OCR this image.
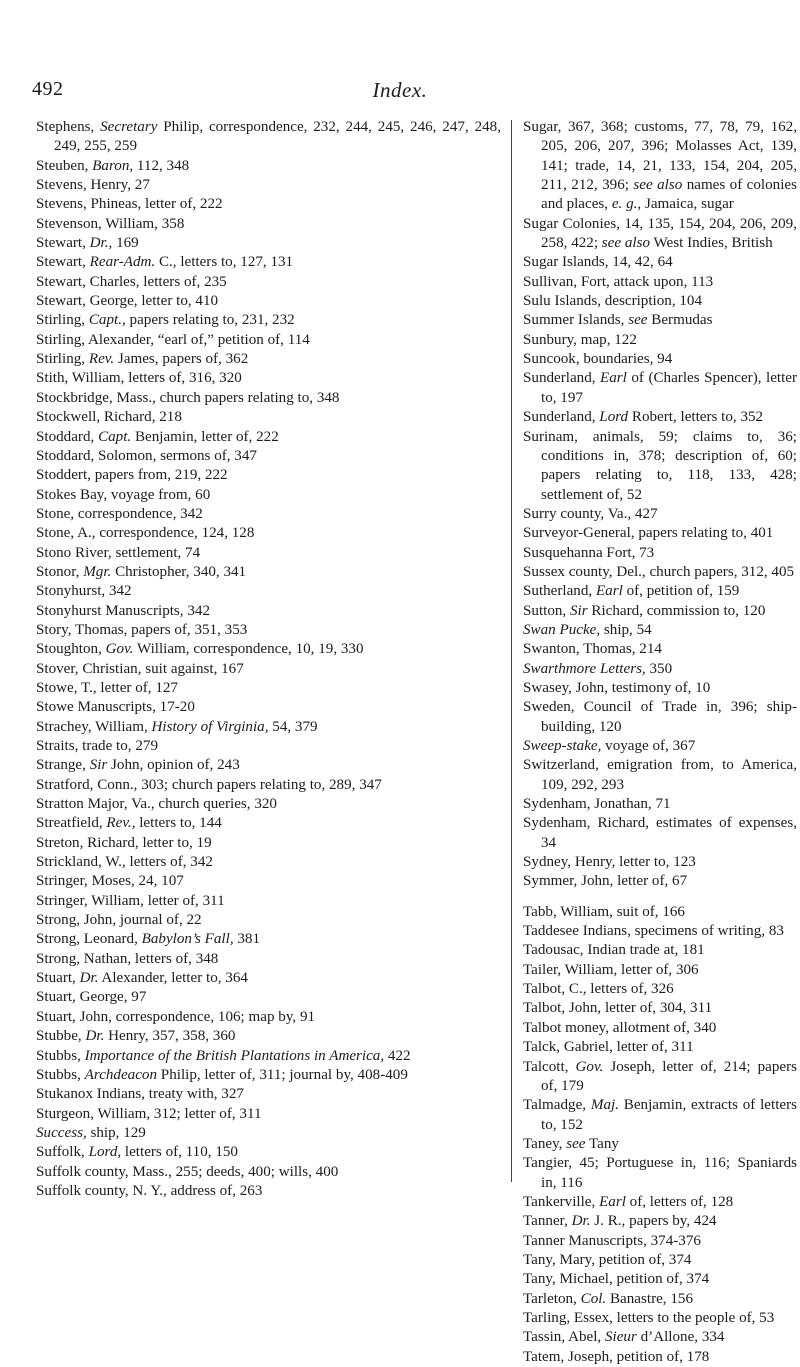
492	Index.

Stephens, Secretary Philip, correspondence, 232, 244, 245, 246, 247, 248, 249, 255, 259

Steuben, Baron, 112, 348

Stevens, Henry, 27

Stevens, Phineas, letter of, 222

Stevenson, William, 358

Stewart, Dr., 169

Stewart, Rear-Adm. C., letters to, 127, 131

Stewart, Charles, letters of, 235

Stewart, George, letter to, 410

Stirling, Capt., papers relating to, 231, 232

Stirling, Alexander, “earl of,” petition of, 114

Stirling, Rev. James, papers of, 362

Stith, William, letters of, 316, 320

Stockbridge, Mass., church papers relating to, 348

Stockwell, Richard, 218

Stoddard, Capt. Benjamin, letter of, 222

Stoddard, Solomon, sermons of, 347

Stoddert, papers from, 219, 222

Stokes Bay, voyage from, 60

Stone, correspondence, 342

Stone, A., correspondence, 124, 128

Stono River, settlement, 74

Stonor, Mgr. Christopher, 340, 341

Stonyhurst, 342

Stonyhurst Manuscripts, 342

Story, Thomas, papers of, 351, 353

Stoughton, Gov. William, correspondence, 10, 19, 330

Stover, Christian, suit against, 167

Stowe, T., letter of, 127

Stowe Manuscripts, 17-20

Strachey, William, History of Virginia, 54, 379

Straits, trade to, 279

Strange, Sir John, opinion of, 243

Stratford, Conn., 303; church papers relating to, 289, 347

Stratton Major, Va., church queries, 320

Streatfield, Rev., letters to, 144

Streton, Richard, letter to, 19

Strickland, W., letters of, 342

Stringer, Moses, 24, 107

Stringer, William, letter of, 311

Strong, John, journal of, 22

Strong, Leonard, Babylon’s Fall, 381

Strong, Nathan, letters of, 348

Stuart, Dr. Alexander, letter to, 364

Stuart, George, 97

Stuart, John, correspondence, 106; map by, 91

Stubbe, Dr. Henry, 357, 358, 360

Stubbs, Importance of the British Plantations in America, 422

Stubbs, Archdeacon Philip, letter of, 311; journal by, 408-409

Stukanox Indians, treaty with, 327

Sturgeon, William, 312; letter of, 311

Success, ship, 129

Suffolk, Lord, letters of, 110, 150

Suffolk county, Mass., 255; deeds, 400; wills, 400

Suffolk county, N. Y., address of, 263

Sugar, 367, 368; customs, 77, 78, 79, 162, 205, 206, 207, 396; Molasses Act, 139, 141; trade, 14, 21, 133, 154, 204, 205, 211, 212, 396; see also names of colonies and places, e. g., Jamaica, sugar

Sugar Colonies, 14, 135, 154, 204, 206, 209, 258, 422; see also West Indies, British

Sugar Islands, 14, 42, 64

Sullivan, Fort, attack upon, 113

Sulu Islands, description, 104

Summer Islands, see Bermudas

Sunbury, map, 122

Suncook, boundaries, 94

Sunderland, Earl of (Charles Spencer), letter to, 197

Sunderland, Lord Robert, letters to, 352

Surinam, animals, 59; claims to, 36; conditions in, 378; description of, 60; papers relating to, 118, 133, 428; settlement of, 52

Surry county, Va., 427

Surveyor-General, papers relating to, 401

Susquehanna Fort, 73

Sussex county, Del., church papers, 312, 405

Sutherland, Earl of, petition of, 159

Sutton, Sir Richard, commission to, 120

Swan Pucke, ship, 54

Swanton, Thomas, 214

Swarthmore Letters, 350

Swasey, John, testimony of, 10

Sweden, Council of Trade in, 396; ship-building, 120

Sweep-stake, voyage of, 367

Switzerland, emigration from, to America, 109, 292, 293

Sydenham, Jonathan, 71

Sydenham, Richard, estimates of expenses, 34

Sydney, Henry, letter to, 123

Symmer, John, letter of, 67

Tabb, William, suit of, 166

Taddesee Indians, specimens of writing, 83

Tadousac, Indian trade at, 181

Tailer, William, letter of, 306

Talbot, C., letters of, 326

Talbot, John, letter of, 304, 311

Talbot money, allotment of, 340

Talck, Gabriel, letter of, 311

Talcott, Gov. Joseph, letter of, 214; papers of, 179

Talmadge, Maj. Benjamin, extracts of letters to, 152

Taney, see Tany

Tangier, 45; Portuguese in, 116; Spaniards in, 116

Tankerville, Earl of, letters of, 128

Tanner, Dr. J. R., papers by, 424

Tanner Manuscripts, 374-376

Tany, Mary, petition of, 374

Tany, Michael, petition of, 374

Tarleton, Col. Banastre, 156

Tarling, Essex, letters to the people of, 53

Tassin, Abel, Sieur d’Allone, 334

Tatem, Joseph, petition of, 178
